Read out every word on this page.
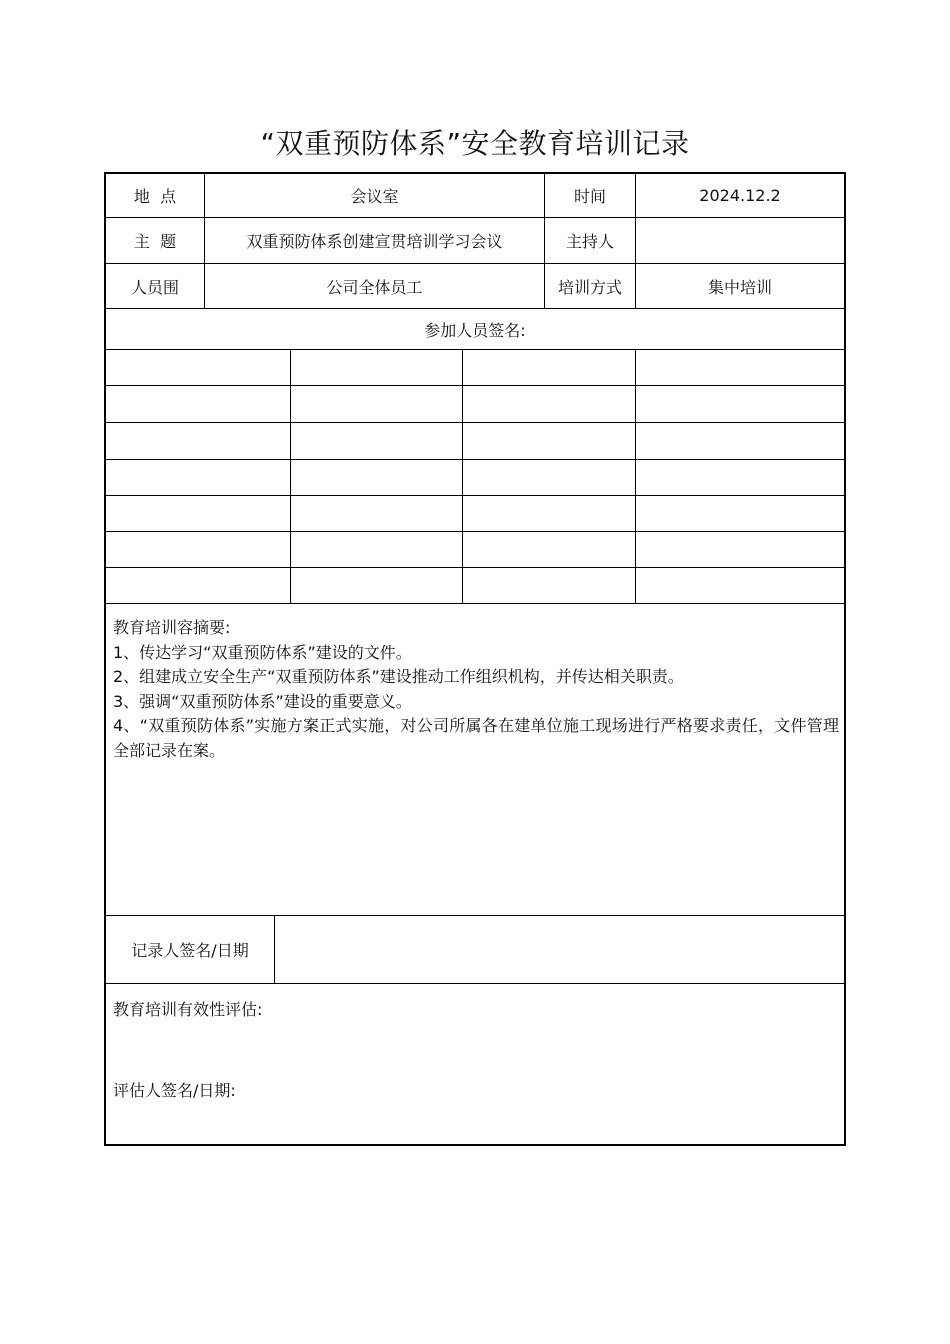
“双重预防体系”安全教育培训记录
地  点	会议室	时间	2024.12.2
主  题	双重预防体系创建宣贯培训学习会议	主持人
人员围	公司全体员工	培训方式	集中培训
参加人员签名:

教育培训容摘要:

1、传达学习“双重预防体系”建设的文件。

2、组建成立安全生产“双重预防体系”建设推动工作组织机构，并传达相关职责。

3、强调“双重预防体系”建设的重要意义。

4、“双重预防体系”实施方案正式实施，对公司所属各在建单位施工现场进行严格要求责任，文件管理全部记录在案。

记录人签名/日期
教育培训有效性评估:
评估人签名/日期:
